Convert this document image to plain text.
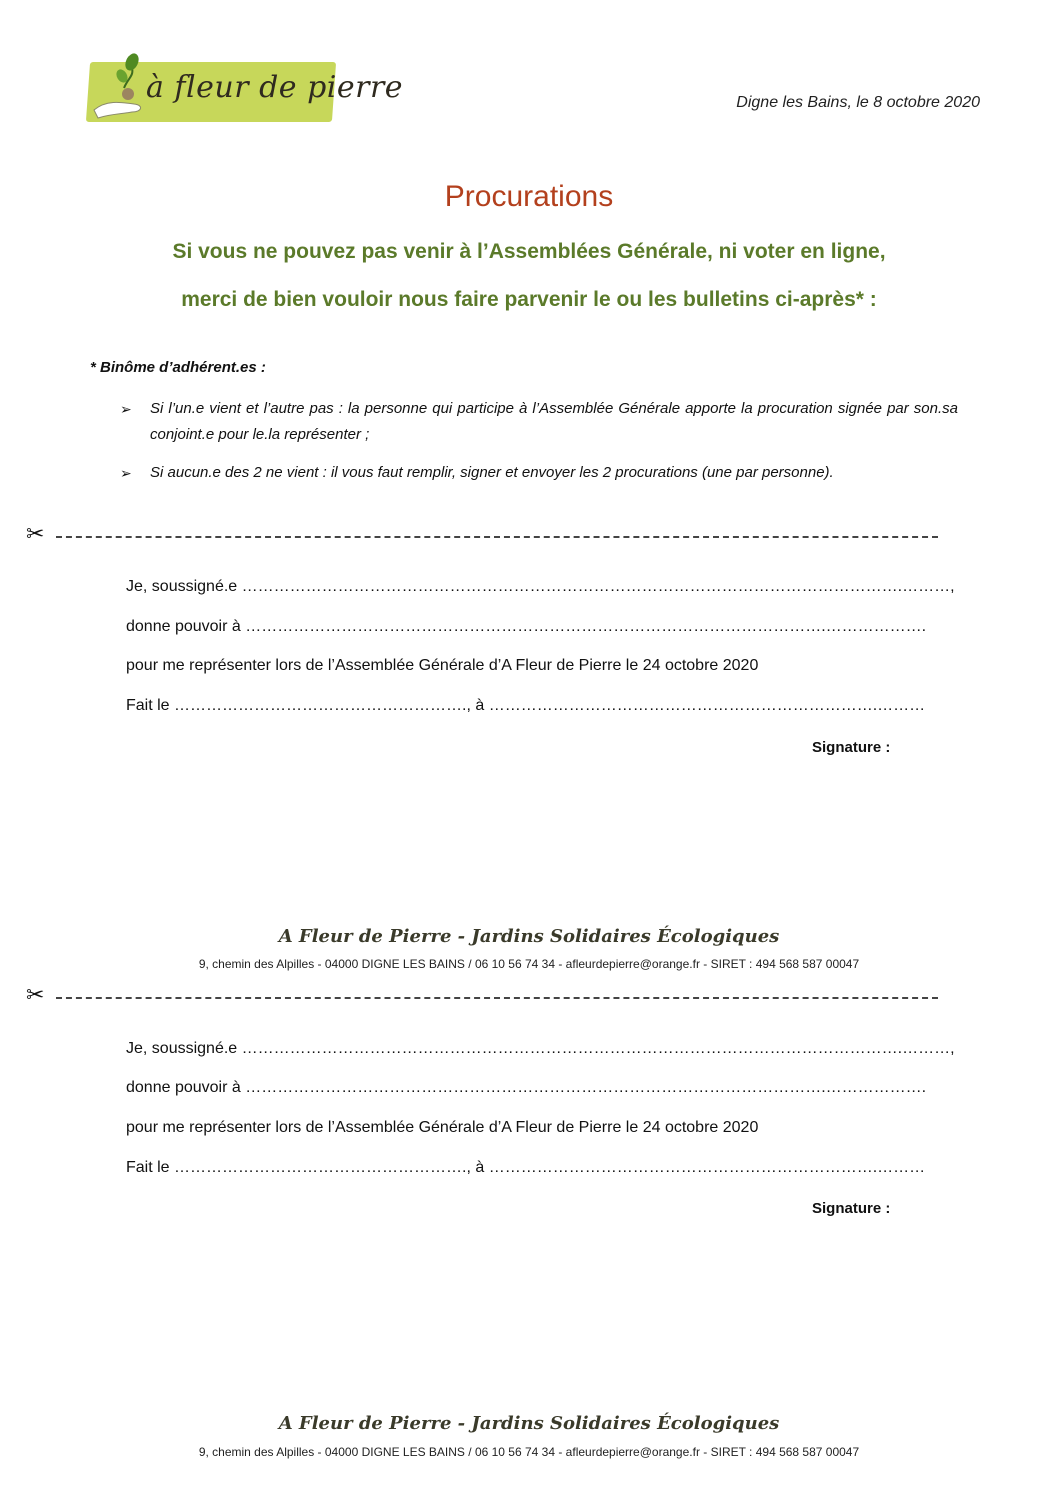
à fleur de pierre	Digne les Bains, le 8 octobre 2020
Procurations
Si vous ne pouvez pas venir à l’Assemblées Générale, ni voter en ligne,
merci de bien vouloir nous faire parvenir le ou les bulletins ci-après* :
* Binôme d’adhérent.es :
➢ Si l’un.e vient et l’autre pas : la personne qui participe à l’Assemblée Générale apporte la procuration signée par son.sa conjoint.e pour le.la représenter ;
➢ Si aucun.e des 2 ne vient : il vous faut remplir, signer et envoyer les 2 procurations (une par personne).
✂
Je, soussigné.e …………………………………………………………………………………………………………….………,
donne pouvoir à ……………………………………………………………………………………………….……………….
pour me représenter lors de l’Assemblée Générale d’A Fleur de Pierre le 24 octobre 2020
Fait le ………………………………………………., à ……………………………………………………………….………
Signature :
A Fleur de Pierre - Jardins Solidaires Écologiques
9, chemin des Alpilles - 04000 DIGNE LES BAINS / 06 10 56 74 34 - afleurdepierre@orange.fr - SIRET : 494 568 587 00047
✂
Je, soussigné.e …………………………………………………………………………………………………………….………,
donne pouvoir à ……………………………………………………………………………………………….……………….
pour me représenter lors de l’Assemblée Générale d’A Fleur de Pierre le 24 octobre 2020
Fait le ………………………………………………., à ……………………………………………………………….………
Signature :
A Fleur de Pierre - Jardins Solidaires Écologiques
9, chemin des Alpilles - 04000 DIGNE LES BAINS / 06 10 56 74 34 - afleurdepierre@orange.fr - SIRET : 494 568 587 00047
